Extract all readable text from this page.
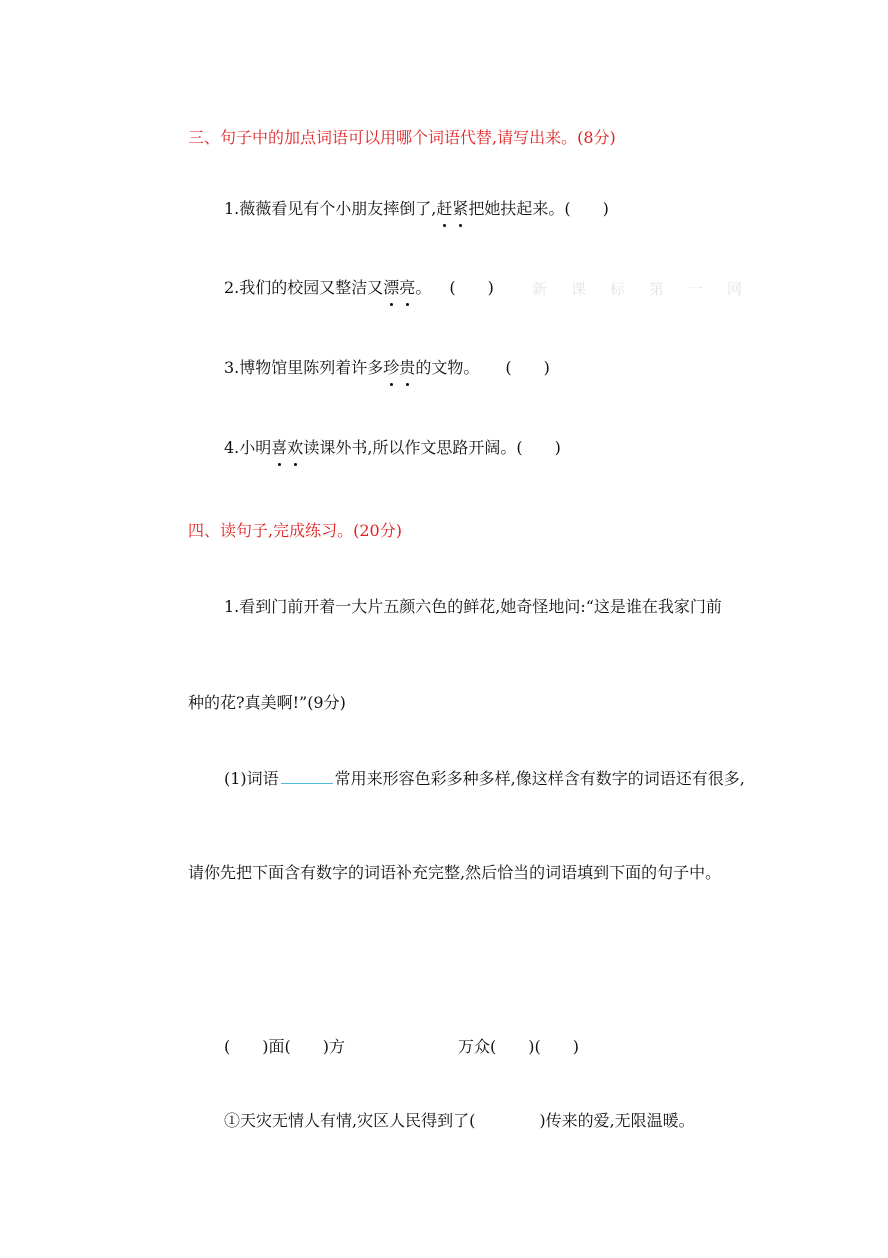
三、句子中的加点词语可以用哪个词语代替,请写出来。(8分)
1.薇薇看见有个小朋友摔倒了,赶紧把她扶起来。(　　)
2.我们的校园又整洁又漂亮。 (　　)	新课标第一网
3.博物馆里陈列着许多珍贵的文物。 (　　)
4.小明喜欢读课外书,所以作文思路开阔。(　　)
四、读句子,完成练习。(20分)
1.看到门前开着一大片五颜六色的鲜花,她奇怪地问:“这是谁在我家门前
种的花?真美啊!”(9分)
(1)词语	常用来形容色彩多种多样,像这样含有数字的词语还有很多,
请你先把下面含有数字的词语补充完整,然后恰当的词语填到下面的句子中。
(　　)面(　　)方	万众(　　)(　　)
①天灾无情人有情,灾区人民得到了(　　　　)传来的爱,无限温暖。
